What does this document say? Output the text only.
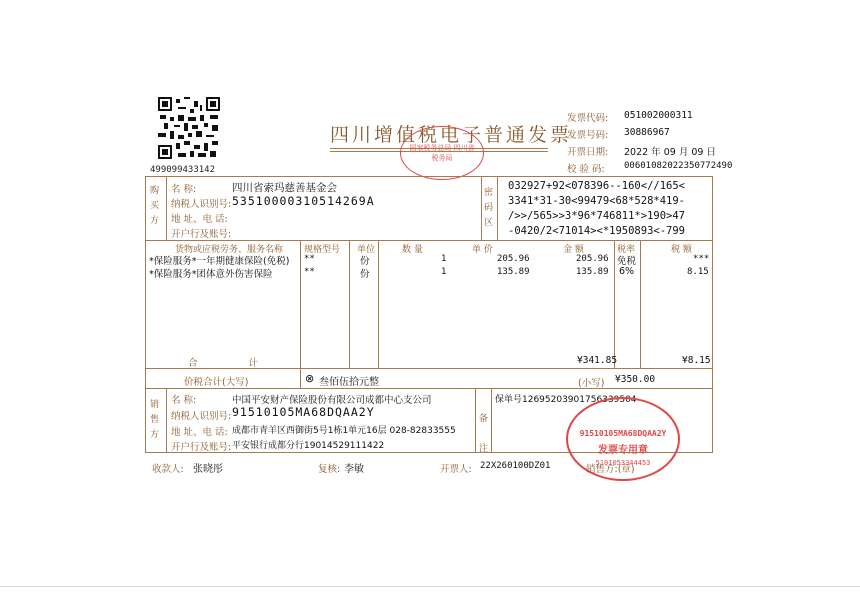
499099433142
四川增值税电子普通发票
国家税务总局 四川省税务局
发票代码: 051002000311
发票号码: 30886967
开票日期: 2022 年 09 月 09 日
校 验 码: 00601082022350772490
购买方
名 称:	四川省索玛慈善基金会
纳税人识别号: 53510000310514269A
地 址、电 话:
开户行及账号:
密码区
032927+92<078396--160<//165<
3341*31-30<99479<68*528*419-
/>>/565>>3*96*746811*>190>47
-0420/2<71014><*1950893<-799
货物或应税劳务、服务名称 规格型号 单位	数 量	单 价	金 额	税率	税 额
*保险服务*一年期健康保险(免税) **	份	1	205.96	205.96 免税	***
*保险服务*团体意外伤害保险	**	份	1	135.89	135.89 6%	8.15
合 计	¥341.85	¥8.15
价税合计(大写)	⊗ 叁佰伍拾元整	(小写) ¥350.00
销售方
名 称:	中国平安财产保险股份有限公司成都中心支公司
纳税人识别号: 91510105MA68DQAA2Y
地 址、电 话: 成都市青羊区西御街5号1栋1单元16层 028-82833555
开户行及账号: 平安银行成都分行19014529111422
备注
保单号12695203901756339504
91510105MA68DQAA2Y
发票专用章
5101053344453
收款人: 张晓彤	复核: 李敏	开票人: 22X260100DZ01	销售方:(章)
